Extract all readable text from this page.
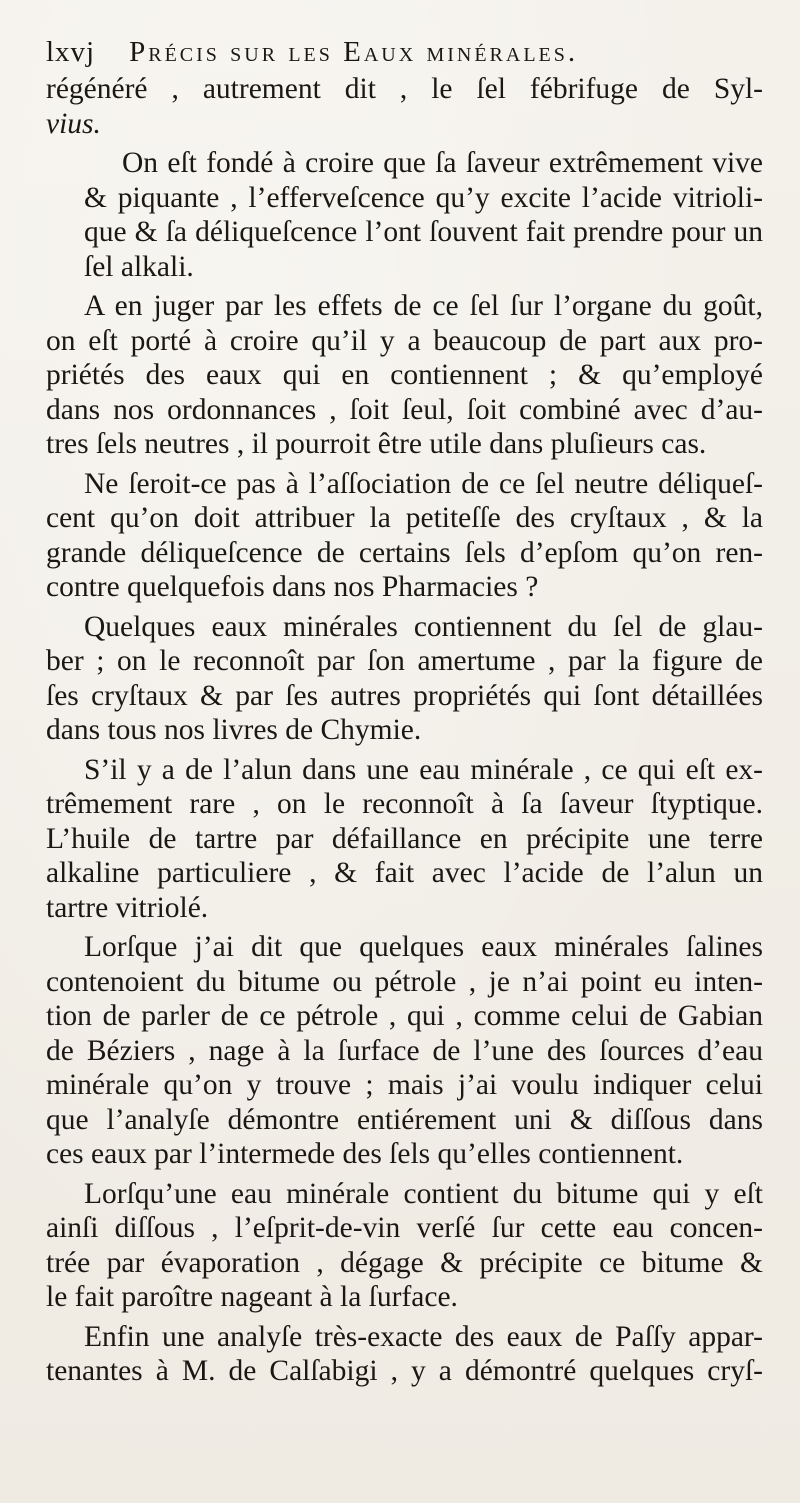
lxvj Précis sur les Eaux minérales.

régénéré , autrement dit , le ſel fébrifuge de Syl-
vius.

On eſt fondé à croire que ſa ſaveur extrêmement vive
& piquante , l’efferveſcence qu’y excite l’acide vitrioli-
que & ſa déliqueſcence l’ont ſouvent fait prendre pour un
ſel alkali.

A en juger par les effets de ce ſel ſur l’organe du goût,
on eſt porté à croire qu’il y a beaucoup de part aux pro-
priétés des eaux qui en contiennent ; & qu’employé
dans nos ordonnances , ſoit ſeul, ſoit combiné avec d’au-
tres ſels neutres , il pourroit être utile dans pluſieurs cas.

Ne ſeroit-ce pas à l’aſſociation de ce ſel neutre déliqueſ-
cent qu’on doit attribuer la petiteſſe des cryſtaux , & la
grande déliqueſcence de certains ſels d’epſom qu’on ren-
contre quelquefois dans nos Pharmacies ?

Quelques eaux minérales contiennent du ſel de glau-
ber ; on le reconnoît par ſon amertume , par la figure de
ſes cryſtaux & par ſes autres propriétés qui ſont détaillées
dans tous nos livres de Chymie.

S’il y a de l’alun dans une eau minérale , ce qui eſt ex-
trêmement rare , on le reconnoît à ſa ſaveur ſtyptique.
L’huile de tartre par défaillance en précipite une terre
alkaline particuliere , & fait avec l’acide de l’alun un
tartre vitriolé.

Lorſque j’ai dit que quelques eaux minérales ſalines
contenoient du bitume ou pétrole , je n’ai point eu inten-
tion de parler de ce pétrole , qui , comme celui de Gabian
de Béziers , nage à la ſurface de l’une des ſources d’eau
minérale qu’on y trouve ; mais j’ai voulu indiquer celui
que l’analyſe démontre entiérement uni & diſſous dans
ces eaux par l’intermede des ſels qu’elles contiennent.

Lorſqu’une eau minérale contient du bitume qui y eſt
ainſi diſſous , l’eſprit-de-vin verſé ſur cette eau concen-
trée par évaporation , dégage & précipite ce bitume &
le fait paroître nageant à la ſurface.

Enfin une analyſe très-exacte des eaux de Paſſy appar-
tenantes à M. de Calſabigi , y a démontré quelques cryſ-
